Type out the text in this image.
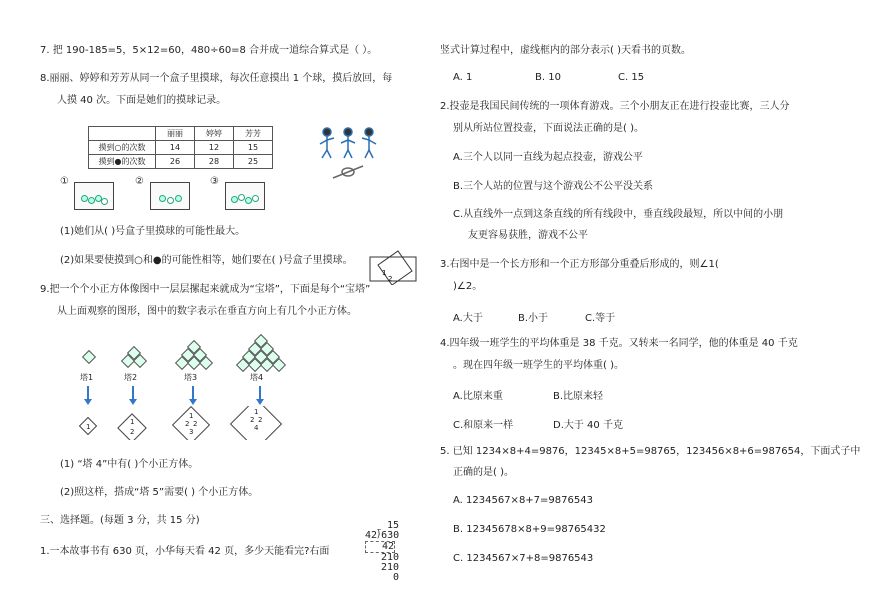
7. 把 190-185=5，5×12=60，480÷60=8 合并成一道综合算式是（ ）。
8.丽丽、婷婷和芳芳从同一个盒子里摸球，每次任意摸出 1 个球，摸后放回，每
人摸 40 次。下面是她们的摸球记录。
	丽丽	婷婷	芳芳
摸到○的次数	14	12	15
摸到●的次数	26	28	25
①	②	③
(1)她们从( )号盒子里摸球的可能性最大。
(2)如果要使摸到○和●的可能性相等，她们要在( )号盒子里摸球。
1
2
9.把一个个小正方体像图中一层层摞起来就成为“宝塔”，下面是每个“宝塔”
从上面观察的图形，图中的数字表示在垂直方向上有几个小正方体。
塔1	塔2	塔3	塔4
1
1
2
1
2 2
3
1
2 2
4
(1) “塔 4”中有( )个小正方体。
(2)照这样，搭成“塔 5”需要( ) 个小正方体。
三、选择题。(每题 3 分，共 15 分)
1.一本故事书有 630 页，小华每天看 42 页，多少天能看完?右面
15
42⟌630
42
210
210
0
竖式计算过程中，虚线框内的部分表示( )天看书的页数。
A. 1	B. 10	C. 15
2.投壶是我国民间传统的一项体育游戏。三个小朋友正在进行投壶比赛，三人分
别从所站位置投壶，下面说法正确的是( )。
A.三个人以同一直线为起点投壶，游戏公平
B.三个人站的位置与这个游戏公不公平没关系
C.从直线外一点到这条直线的所有线段中，垂直线段最短，所以中间的小朋
友更容易获胜，游戏不公平
3.右图中是一个长方形和一个正方形部分重叠后形成的，则∠1(
)∠2。
A.大于	B.小于	C.等于
4.四年级一班学生的平均体重是 38 千克。又转来一名同学，他的体重是 40 千克
。现在四年级一班学生的平均体重( )。
A.比原来重	B.比原来轻
C.和原来一样	D.大于 40 千克
5. 已知 1234×8+4=9876，12345×8+5=98765，123456×8+6=987654，下面式子中
正确的是( )。
A. 1234567×8+7=9876543
B. 12345678×8+9=98765432
C. 1234567×7+8=9876543
